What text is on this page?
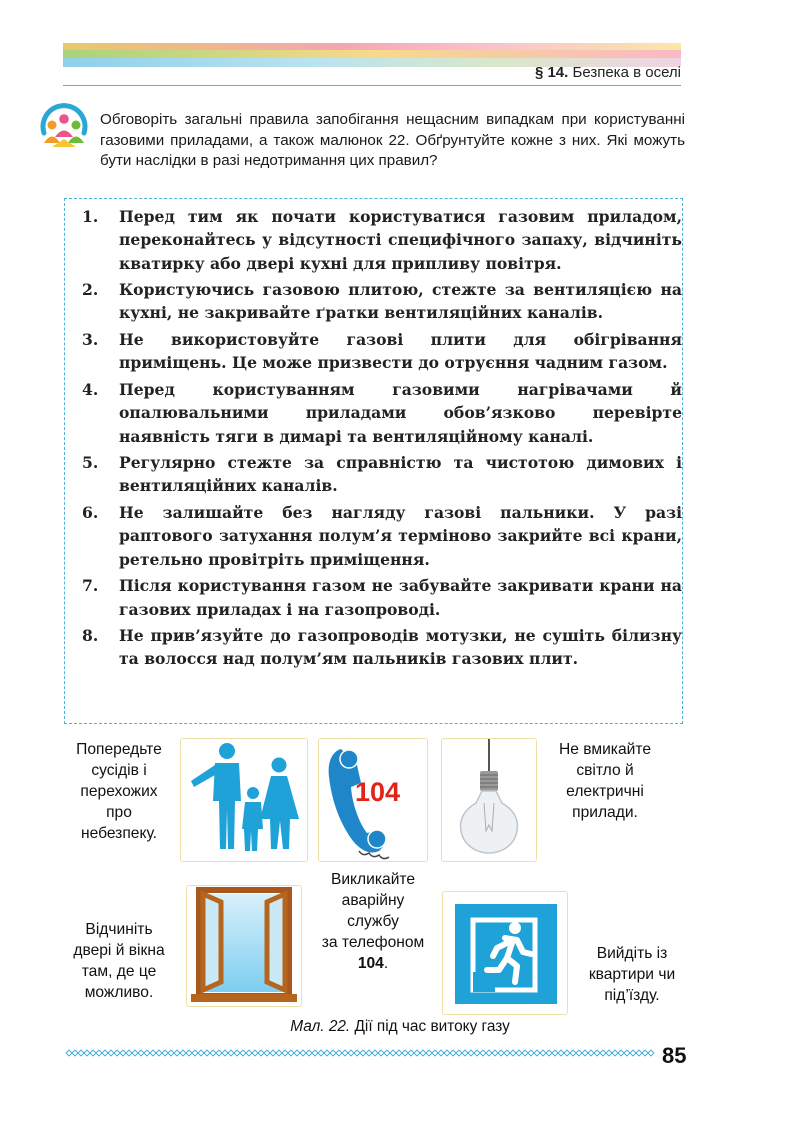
§ 14. Безпека в оселі

Обговоріть загальні правила запобігання нещасним випадкам при користуванні газовими приладами, а також малюнок 22. Обґрунтуйте кожне з них. Які можуть бути наслідки в разі недотримання цих правил?

1. Перед тим як почати користуватися газовим приладом, переконайтесь у відсутності специфічного запаху, відчиніть кватирку або двері кухні для припливу повітря.
2. Користуючись газовою плитою, стежте за вентиляцією на кухні, не закривайте ґратки вентиляційних каналів.
3. Не використовуйте газові плити для обігрівання приміщень. Це може призвести до отруєння чадним газом.
4. Перед користуванням газовими нагрівачами й опалювальними приладами обов’язково перевірте наявність тяги в димарі та вентиляційному каналі.
5. Регулярно стежте за справністю та чистотою димових і вентиляційних каналів.
6. Не залишайте без нагляду газові пальники. У разі раптового затухання полум’я терміново закрийте всі крани, ретельно провітріть приміщення.
7. Після користування газом не забувайте закривати крани на газових приладах і на газопроводі.
8. Не прив’язуйте до газопроводів мотузки, не сушіть білизну та волосся над полум’ям пальників газових плит.
104
Попередьте
сусідів і
перехожих
про
небезпеку.
Не вмикайте
світло й
електричні
прилади.
Викликайте
аварійну
службу
за телефоном
104.
Відчиніть
двері й вікна
там, де це
можливо.
Вийдіть із
квартири чи
під’їзду.
Мал. 22. Дії під час витоку газу
85
